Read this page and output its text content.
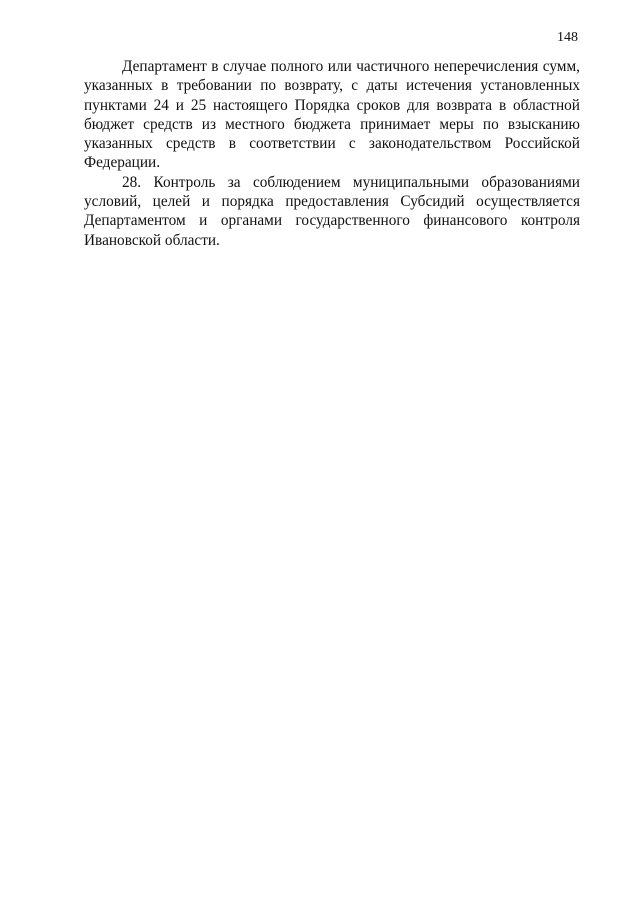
148

Департамент в случае полного или частичного неперечисления сумм, указанных в требовании по возврату, с даты истечения установленных пунктами 24 и 25 настоящего Порядка сроков для возврата в областной бюджет средств из местного бюджета принимает меры по взысканию указанных средств в соответствии с законодательством Российской Федерации.

28. Контроль за соблюдением муниципальными образованиями условий, целей и порядка предоставления Субсидий осуществляется Департаментом и органами государственного финансового контроля Ивановской области.
